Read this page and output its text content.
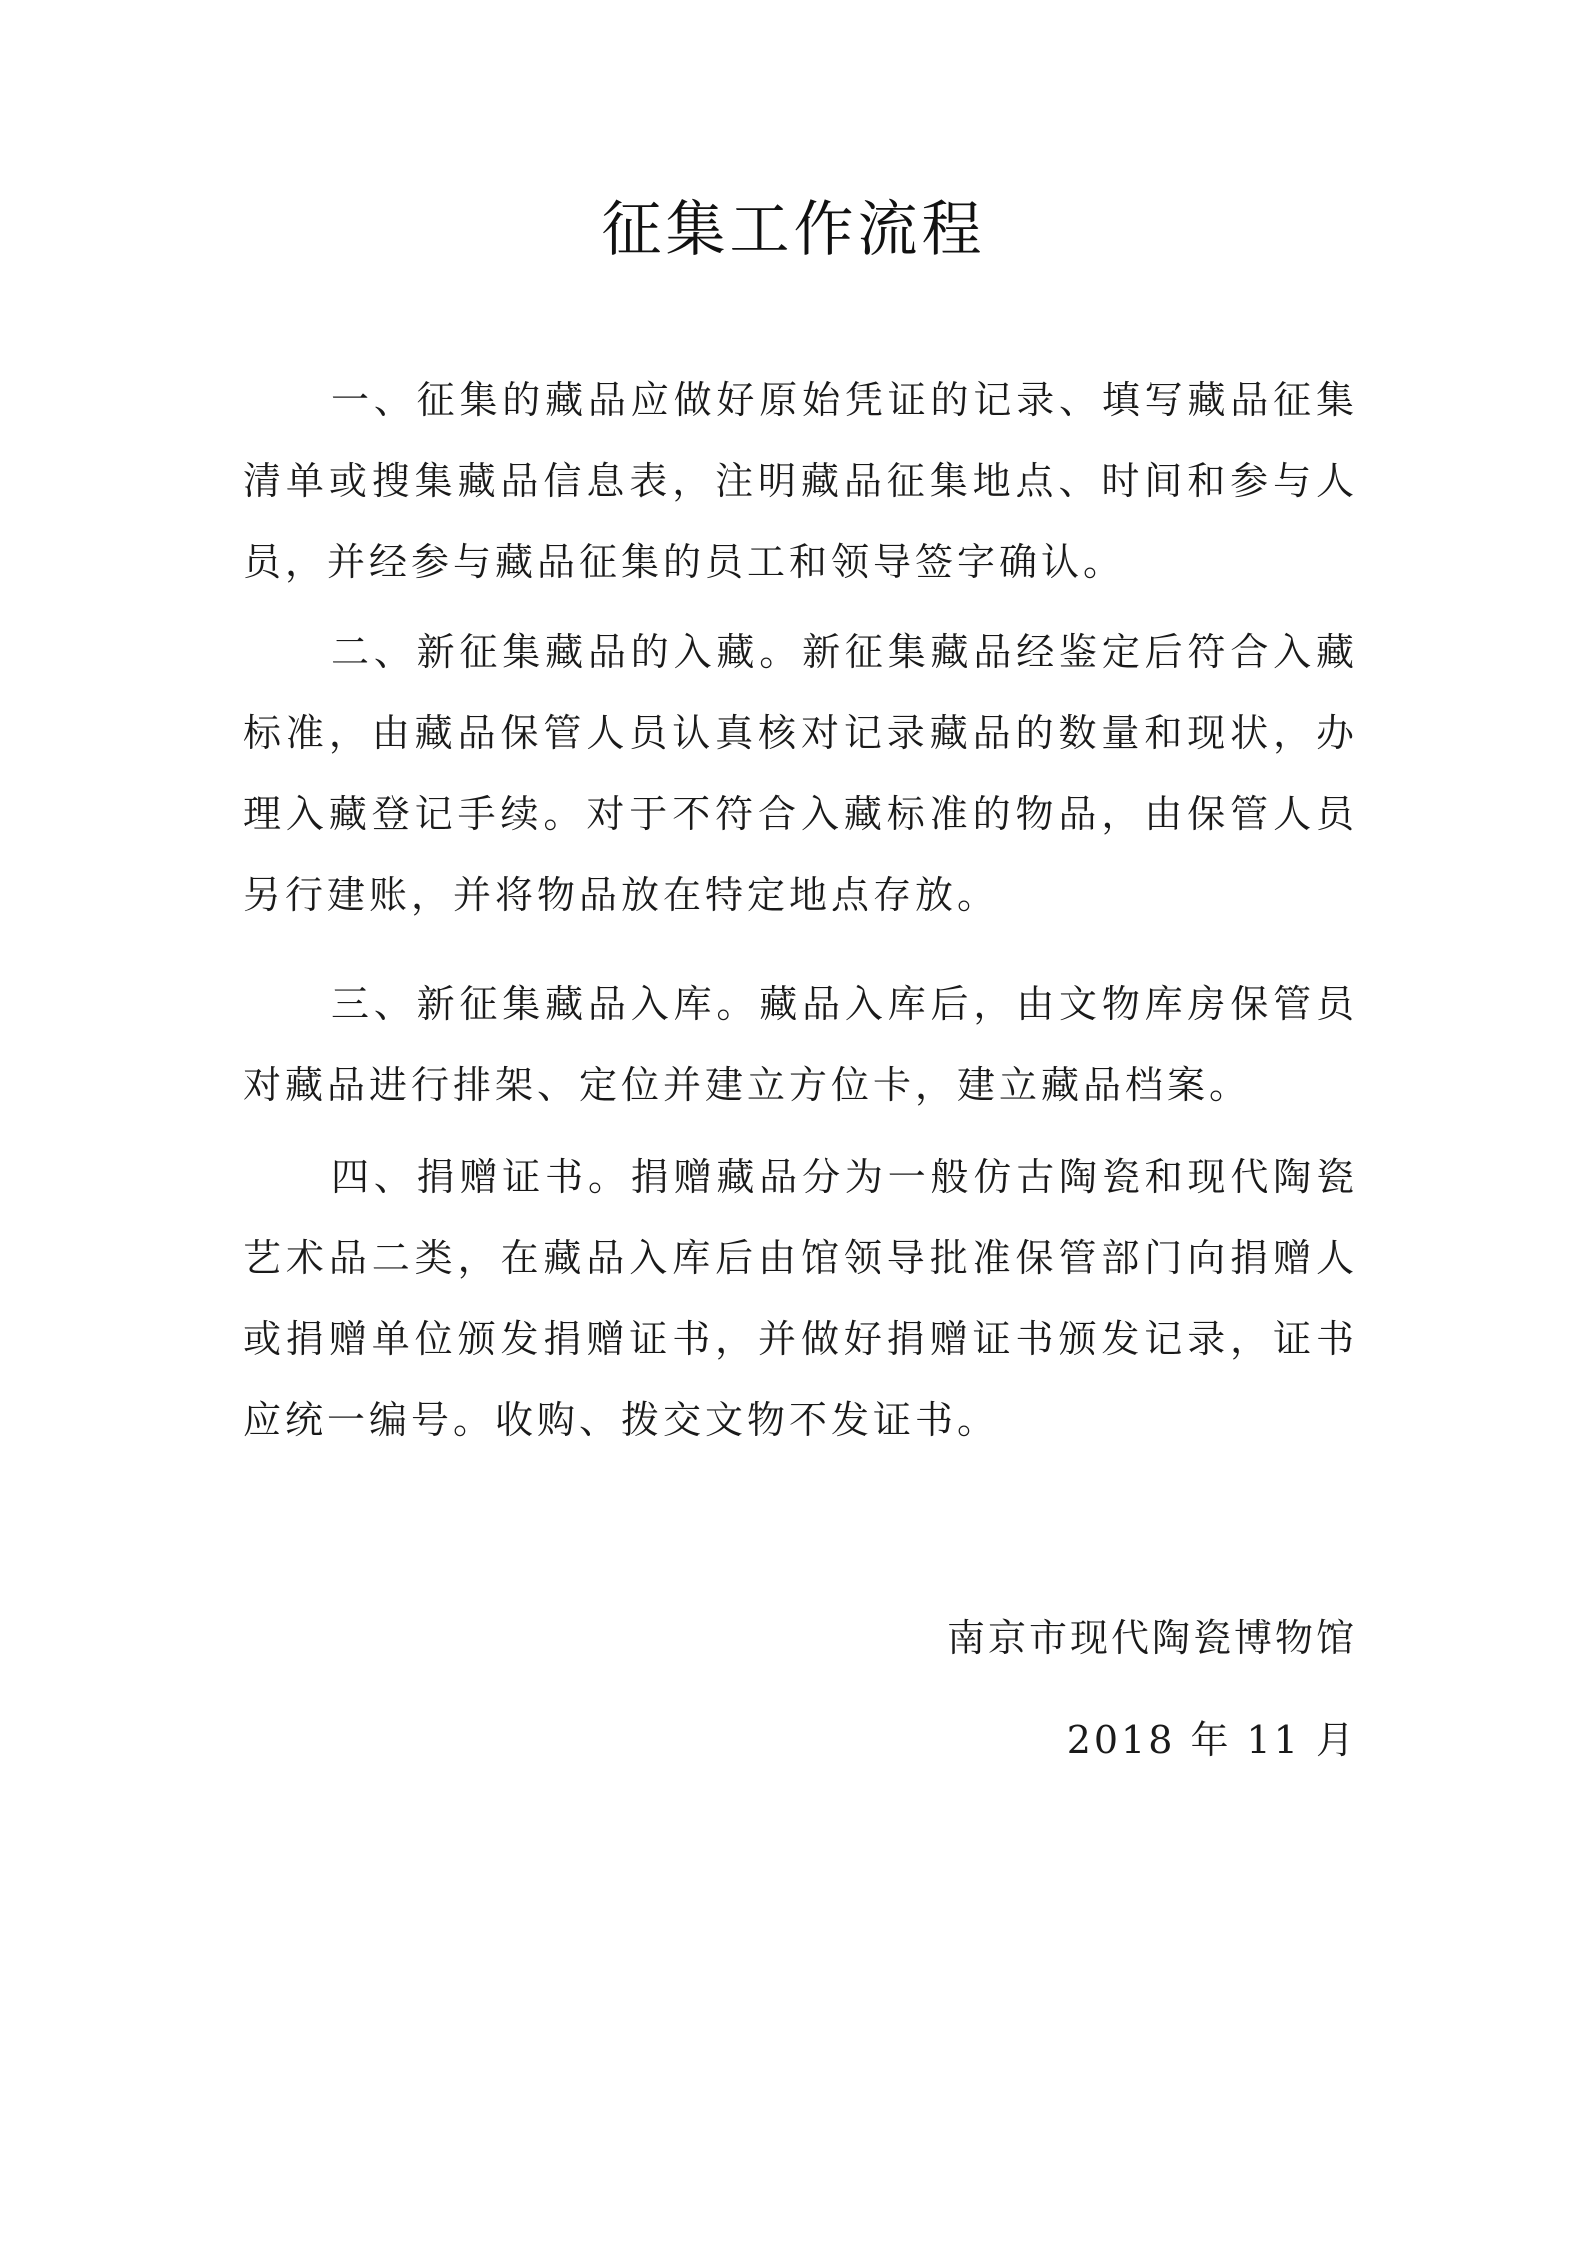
征集工作流程

一、征集的藏品应做好原始凭证的记录、填写藏品征集清单或搜集藏品信息表，注明藏品征集地点、时间和参与人员，并经参与藏品征集的员工和领导签字确认。

二、新征集藏品的入藏。新征集藏品经鉴定后符合入藏标准，由藏品保管人员认真核对记录藏品的数量和现状，办理入藏登记手续。对于不符合入藏标准的物品，由保管人员另行建账，并将物品放在特定地点存放。

三、新征集藏品入库。藏品入库后，由文物库房保管员对藏品进行排架、定位并建立方位卡，建立藏品档案。

四、捐赠证书。捐赠藏品分为一般仿古陶瓷和现代陶瓷艺术品二类，在藏品入库后由馆领导批准保管部门向捐赠人或捐赠单位颁发捐赠证书，并做好捐赠证书颁发记录，证书应统一编号。收购、拨交文物不发证书。

南京市现代陶瓷博物馆

2018 年 11 月
